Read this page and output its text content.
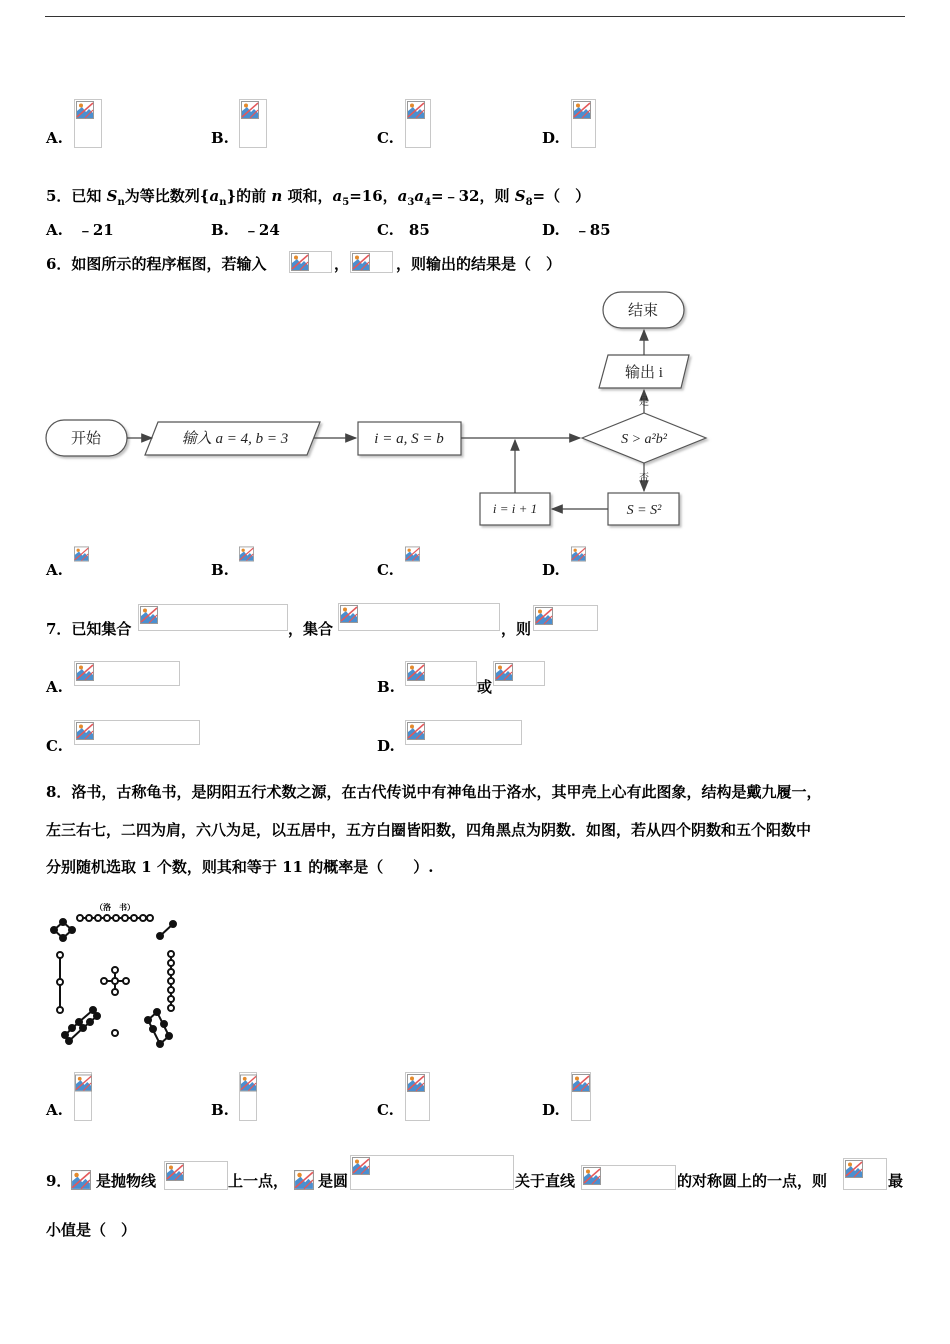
A.	B.	C.	D.
5．已知 $S_n$为等比数列$\{a_n\}$的前 n 项和，$a_5=16$，$a_3a_4=﹣32$，则 $S_8=$（　）
A.　﹣21	B.　﹣24	C.　85	D.　﹣85
6．如图所示的程序框图，若输入	，	，则输出的结果是（　）
开始	输入 a = 4, b = 3	i = a, S = b	S > a²b²
输出 i
结束
S = S²
i = i + 1
是
否
A.	B.	C.	D.
7．已知集合	，集合	，则
A.	B.	或
C.	D.
8．洛书，古称龟书，是阴阳五行术数之源，在古代传说中有神龟出于洛水，其甲壳上心有此图象，结构是戴九履一，
左三右七，二四为肩，六八为足，以五居中，五方白圈皆阳数，四角黑点为阴数．如图，若从四个阴数和五个阳数中
分别随机选取 1 个数，则其和等于 11 的概率是（　　）.
（洛　书）
A.	B.	C.	D.
9． 是抛物线	上一点， 是圆	关于直线	的对称圆上的一点，则	最
小值是（　）
